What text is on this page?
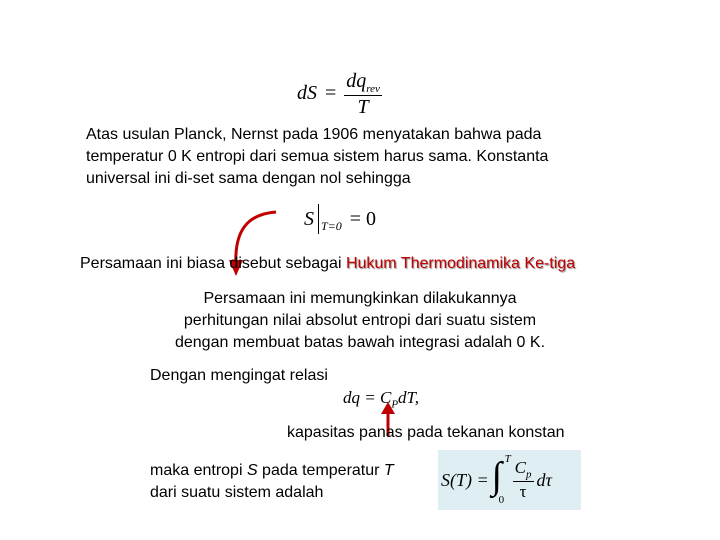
dS = $\frac{dq_{rev}}{T}$
Atas usulan Planck, Nernst pada 1906 menyatakan bahwa pada
temperatur 0 K entropi dari semua sistem harus sama. Konstanta
universal ini di-set sama dengan nol sehingga
S T=0 = 0
Persamaan ini biasa disebut sebagai Hukum Thermodinamika Ke-tiga
Persamaan ini memungkinkan dilakukannya
perhitungan nilai absolut entropi dari suatu sistem
dengan membuat batas bawah integrasi adalah 0 K.
Dengan mengingat relasi
dq = $C_PdT$,
kapasitas panas pada tekanan konstan
maka entropi S pada temperatur T
dari suatu sistem adalah
S(T) = ∫ T
$0 \frac{C_p}{\tau}$ dτ
